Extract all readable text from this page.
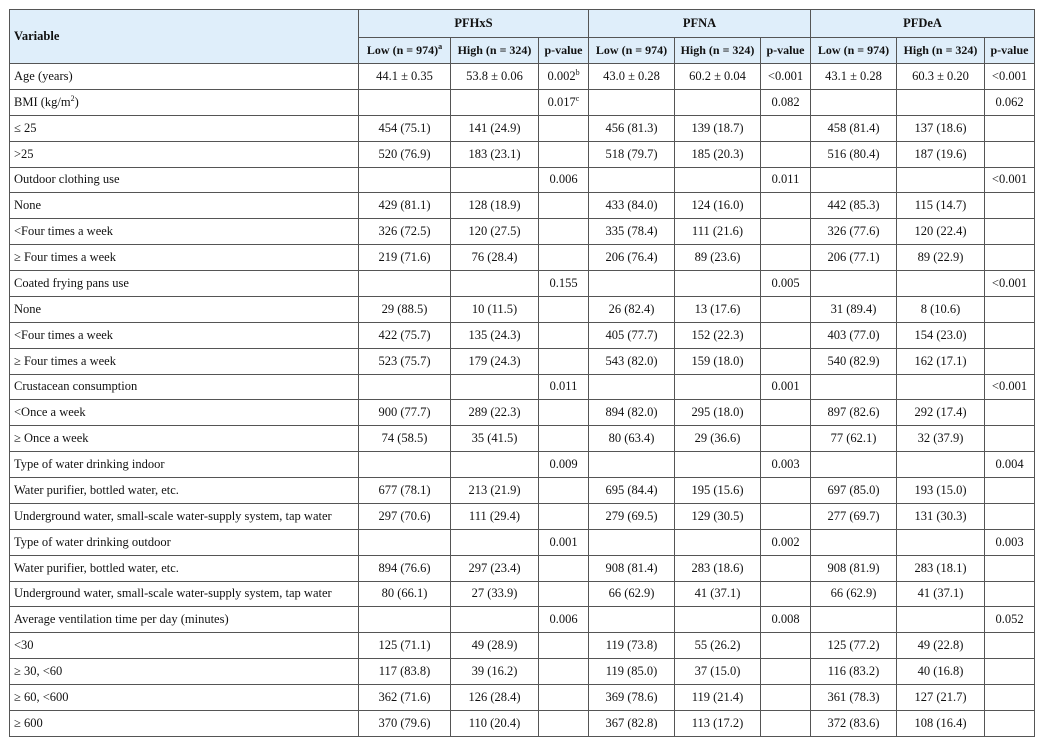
Variable	PFHxS			PFNA			PFDeA		
	Low (n = 974)$^a$	High (n = 324)	p-value	Low (n = 974)	High (n = 324)	p-value	Low (n = 974)	High (n = 324)	p-value
Age (years)	44.1 ± 0.35	53.8 ± 0.06	0.002$^b$	43.0 ± 0.28	60.2 ± 0.04	<0.001	43.1 ± 0.28	60.3 ± 0.20	<0.001
BMI $(kg/m^2)$			0.017$^c$			0.082			0.062
≤ 25	454 (75.1)	141 (24.9)		456 (81.3)	139 (18.7)		458 (81.4)	137 (18.6)	
>25	520 (76.9)	183 (23.1)		518 (79.7)	185 (20.3)		516 (80.4)	187 (19.6)	
Outdoor clothing use			0.006			0.011			<0.001
None	429 (81.1)	128 (18.9)		433 (84.0)	124 (16.0)		442 (85.3)	115 (14.7)	
<Four times a week	326 (72.5)	120 (27.5)		335 (78.4)	111 (21.6)		326 (77.6)	120 (22.4)	
≥ Four times a week	219 (71.6)	76 (28.4)		206 (76.4)	89 (23.6)		206 (77.1)	89 (22.9)	
Coated frying pans use			0.155			0.005			<0.001
None	29 (88.5)	10 (11.5)		26 (82.4)	13 (17.6)		31 (89.4)	8 (10.6)	
<Four times a week	422 (75.7)	135 (24.3)		405 (77.7)	152 (22.3)		403 (77.0)	154 (23.0)	
≥ Four times a week	523 (75.7)	179 (24.3)		543 (82.0)	159 (18.0)		540 (82.9)	162 (17.1)	
Crustacean consumption			0.011			0.001			<0.001
<Once a week	900 (77.7)	289 (22.3)		894 (82.0)	295 (18.0)		897 (82.6)	292 (17.4)	
≥ Once a week	74 (58.5)	35 (41.5)		80 (63.4)	29 (36.6)		77 (62.1)	32 (37.9)	
Type of water drinking indoor			0.009			0.003			0.004
Water purifier, bottled water, etc.	677 (78.1)	213 (21.9)		695 (84.4)	195 (15.6)		697 (85.0)	193 (15.0)	
Underground water, small-scale water-supply system, tap water	297 (70.6)	111 (29.4)		279 (69.5)	129 (30.5)		277 (69.7)	131 (30.3)	
Type of water drinking outdoor			0.001			0.002			0.003
Water purifier, bottled water, etc.	894 (76.6)	297 (23.4)		908 (81.4)	283 (18.6)		908 (81.9)	283 (18.1)	
Underground water, small-scale water-supply system, tap water	80 (66.1)	27 (33.9)		66 (62.9)	41 (37.1)		66 (62.9)	41 (37.1)	
Average ventilation time per day (minutes)			0.006			0.008			0.052
<30	125 (71.1)	49 (28.9)		119 (73.8)	55 (26.2)		125 (77.2)	49 (22.8)	
≥ 30, <60	117 (83.8)	39 (16.2)		119 (85.0)	37 (15.0)		116 (83.2)	40 (16.8)	
≥ 60, <600	362 (71.6)	126 (28.4)		369 (78.6)	119 (21.4)		361 (78.3)	127 (21.7)	
≥ 600	370 (79.6)	110 (20.4)		367 (82.8)	113 (17.2)		372 (83.6)	108 (16.4)	
